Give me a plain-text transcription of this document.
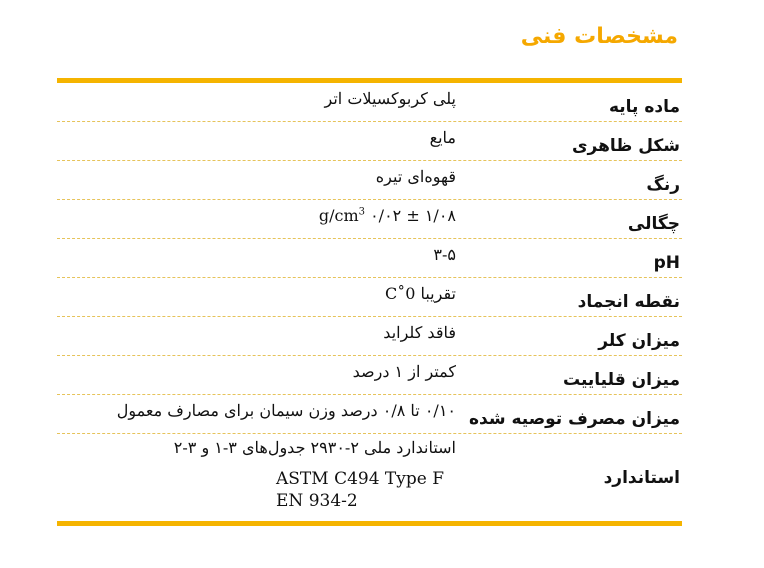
مشخصات فنی
ماده پایه
پلی کربوکسیلات اتر
شکل ظاهری
مایع
رنگ
قهوه‌ای تیره
چگالی
۱/۰۸ ± ۰/۰۲ $g/cm^3$
pH
۳-۵
نقطه انجماد
تقریبا 0˚C
میزان کلر
فاقد کلراید
میزان قلیاییت
کمتر از ۱ درصد
میزان مصرف توصیه شده
۰/۱۰ تا ۰/۸ درصد وزن سیمان برای مصارف معمول
استاندارد
استاندارد ملی ۲-۲۹۳۰ جدول‌های ۳-۱ و ۳-۲
ASTM C494 Type F
EN 934-2
